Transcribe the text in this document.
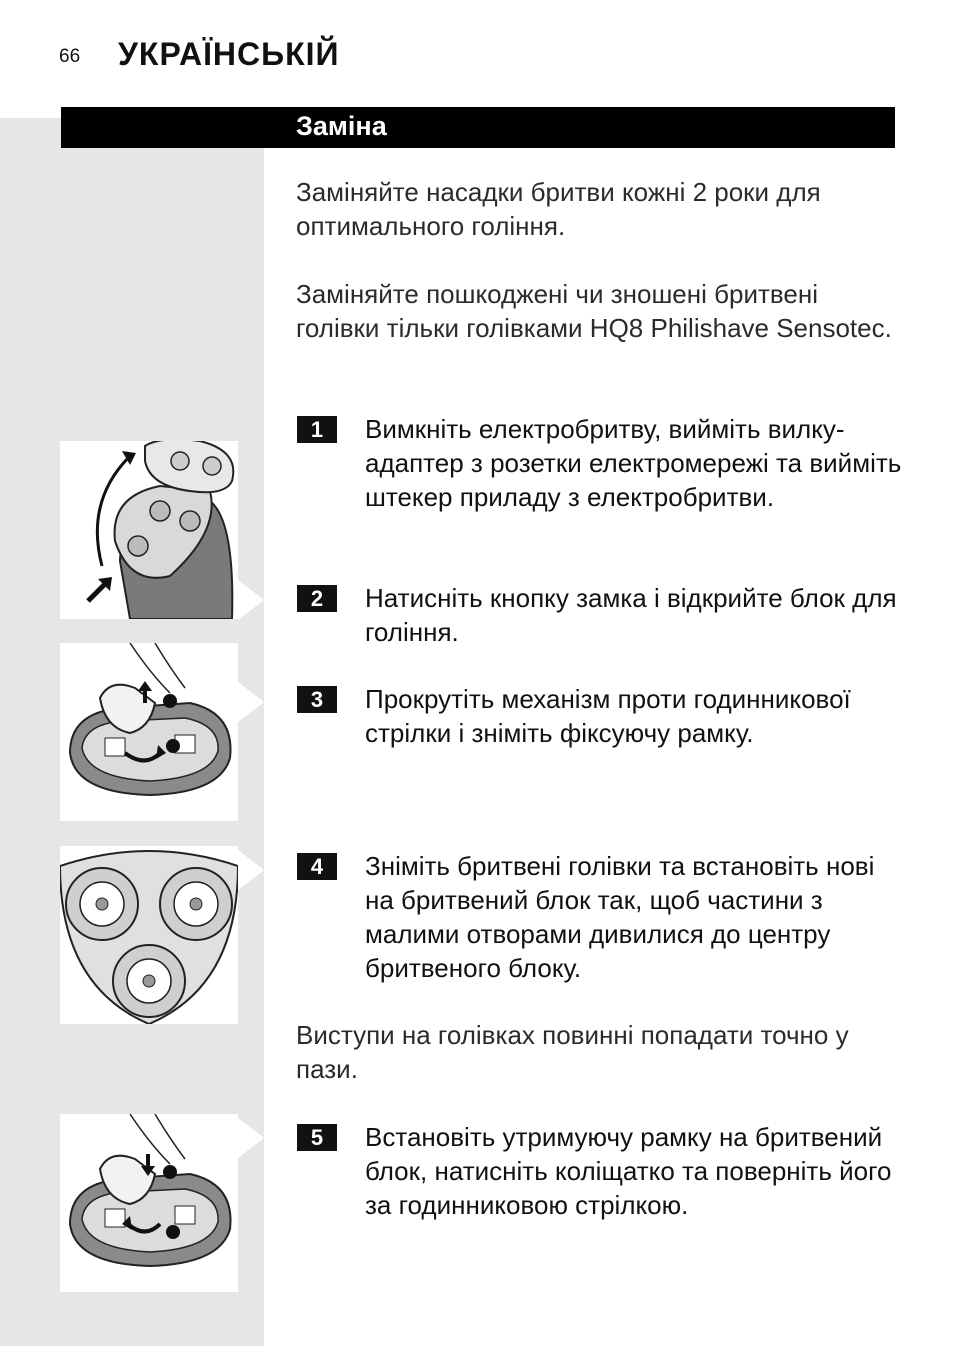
66 УКРАЇНСЬКІЙ
Заміна
Заміняйте насадки бритви кожні 2 роки для оптимального гоління.
Заміняйте пошкоджені чи зношені бритвені голівки тільки голівками HQ8 Philishave Sensotec.
1	Вимкніть електробритву, вийміть вилку-адаптер з розетки електромережі та вийміть штекер приладу з електробритви.
2	Натисніть кнопку замка і відкрийте блок для гоління.
3	Прокрутіть механізм проти годинникової стрілки і зніміть фіксуючу рамку.
4	Зніміть бритвені голівки та встановіть нові на бритвений блок так, щоб частини з малими отворами дивилися до центру бритвеного блоку.
Виступи на голівках повинні попадати точно у пази.
5	Встановіть утримуючу рамку на бритвений блок, натисніть коліщатко та поверніть його за годинниковою стрілкою.
